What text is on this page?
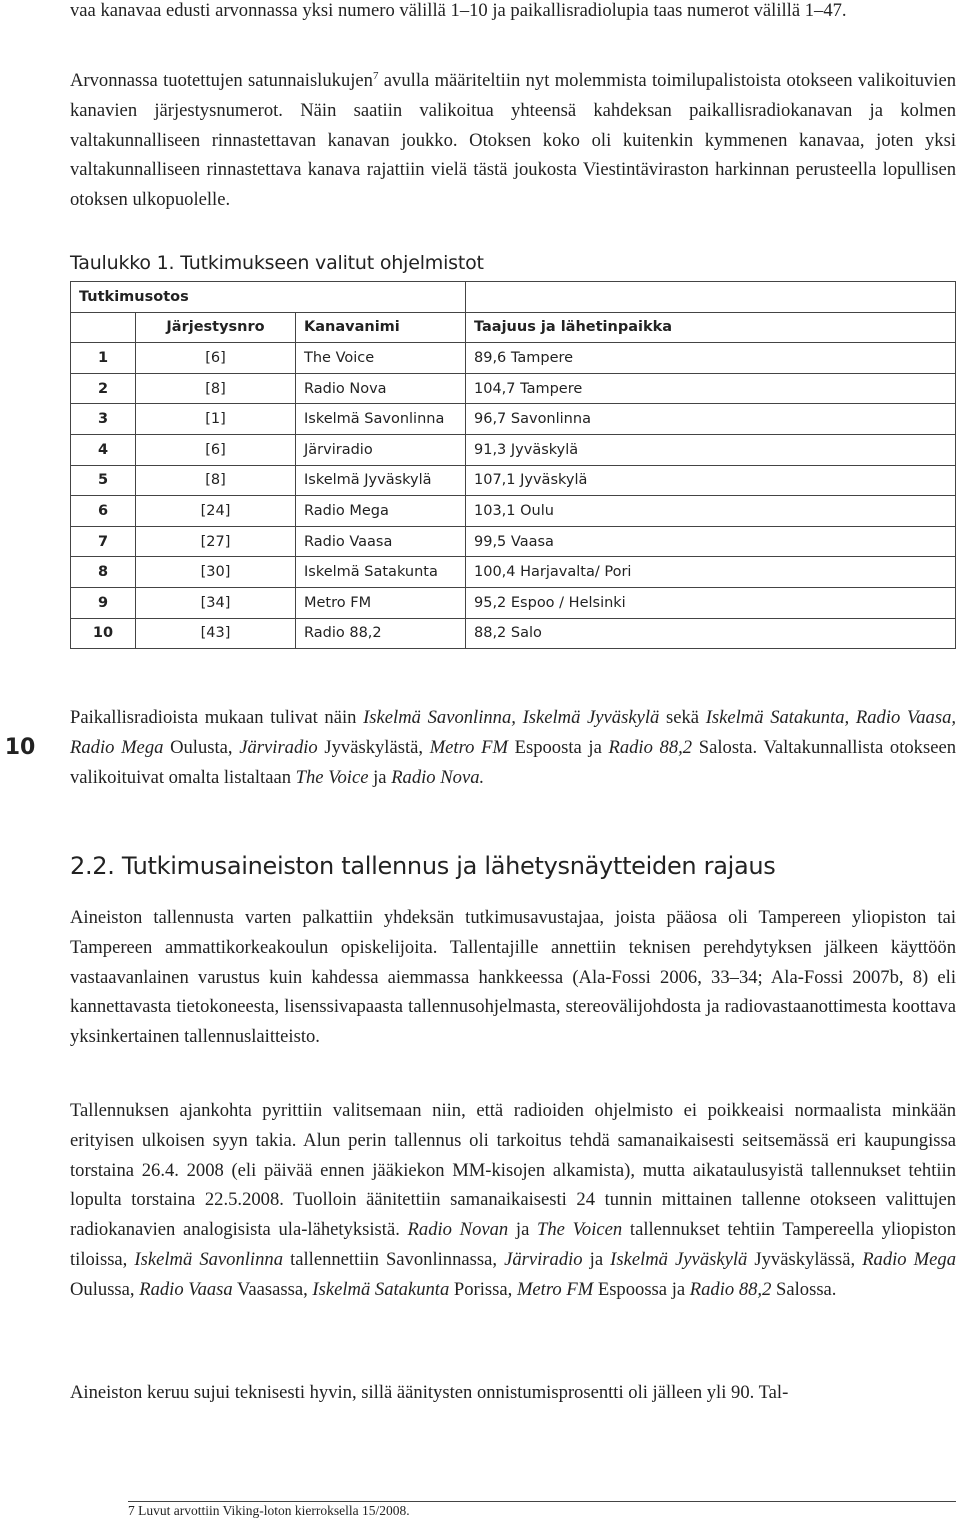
vaa kanavaa edusti arvonnassa yksi numero välillä 1–10 ja paikallisradiolupia taas numerot välillä 1–47.

Arvonnassa tuotettujen satunnaislukujen$^7$ avulla määriteltiin nyt molemmista toimilupalistoista otokseen valikoituvien kanavien järjestysnumerot. Näin saatiin valikoitua yhteensä kahdeksan paikallisradiokanavan ja kolmen valtakunnalliseen rinnastettavan kanavan joukko. Otoksen koko oli kuitenkin kymmenen kanavaa, joten yksi valtakunnalliseen rinnastettava kanava rajattiin vielä tästä joukosta Viestintäviraston harkinnan perusteella lopullisen otoksen ulkopuolelle.

Taulukko 1. Tutkimukseen valitut ohjelmistot
Tutkimusotos			
	Järjestysnro	Kanavanimi	Taajuus ja lähetinpaikka
1	[6]	The Voice	89,6 Tampere
2	[8]	Radio Nova	104,7 Tampere
3	[1]	Iskelmä Savonlinna	96,7 Savonlinna
4	[6]	Järviradio	91,3 Jyväskylä
5	[8]	Iskelmä Jyväskylä	107,1 Jyväskylä
6	[24]	Radio Mega	103,1 Oulu
7	[27]	Radio Vaasa	99,5 Vaasa
8	[30]	Iskelmä Satakunta	100,4 Harjavalta/ Pori
9	[34]	Metro FM	95,2 Espoo / Helsinki
10	[43]	Radio 88,2	88,2 Salo
10

Paikallisradioista mukaan tulivat näin Iskelmä Savonlinna, Iskelmä Jyväskylä sekä Iskelmä Satakunta, Radio Vaasa, Radio Mega Oulusta, Järviradio Jyväskylästä, Metro FM Espoosta ja Radio 88,2 Salosta. Valtakunnallista otokseen valikoituivat omalta listaltaan The Voice ja Radio Nova.

2.2. Tutkimusaineiston tallennus ja lähetysnäytteiden rajaus

Aineiston tallennusta varten palkattiin yhdeksän tutkimusavustajaa, joista pääosa oli Tampereen yliopiston tai Tampereen ammattikorkeakoulun opiskelijoita. Tallentajille annettiin teknisen perehdytyksen jälkeen käyttöön vastaavanlainen varustus kuin kahdessa aiemmassa hankkeessa (Ala-Fossi 2006, 33–34; Ala-Fossi 2007b, 8) eli kannettavasta tietokoneesta, lisenssivapaasta tallennusohjelmasta, stereovälijohdosta ja radiovastaanottimesta koottava yksinkertainen tallennuslaitteisto.

Tallennuksen ajankohta pyrittiin valitsemaan niin, että radioiden ohjelmisto ei poikkeaisi normaalista minkään erityisen ulkoisen syyn takia. Alun perin tallennus oli tarkoitus tehdä samanaikaisesti seitsemässä eri kaupungissa torstaina 26.4. 2008 (eli päivää ennen jääkiekon MM-kisojen alkamista), mutta aikataulusyistä tallennukset tehtiin lopulta torstaina 22.5.2008. Tuolloin äänitettiin samanaikaisesti 24 tunnin mittainen tallenne otokseen valittujen radiokanavien analogisista ula-lähetyksistä. Radio Novan ja The Voicen tallennukset tehtiin Tampereella yliopiston tiloissa, Iskelmä Savonlinna tallennettiin Savonlinnassa, Järviradio ja Iskelmä Jyväskylä Jyväskylässä, Radio Mega Oulussa, Radio Vaasa Vaasassa, Iskelmä Satakunta Porissa, Metro FM Espoossa ja Radio 88,2 Salossa.

Aineiston keruu sujui teknisesti hyvin, sillä äänitysten onnistumisprosentti oli jälleen yli 90. Tal-

7 Luvut arvottiin Viking-loton kierroksella 15/2008.
